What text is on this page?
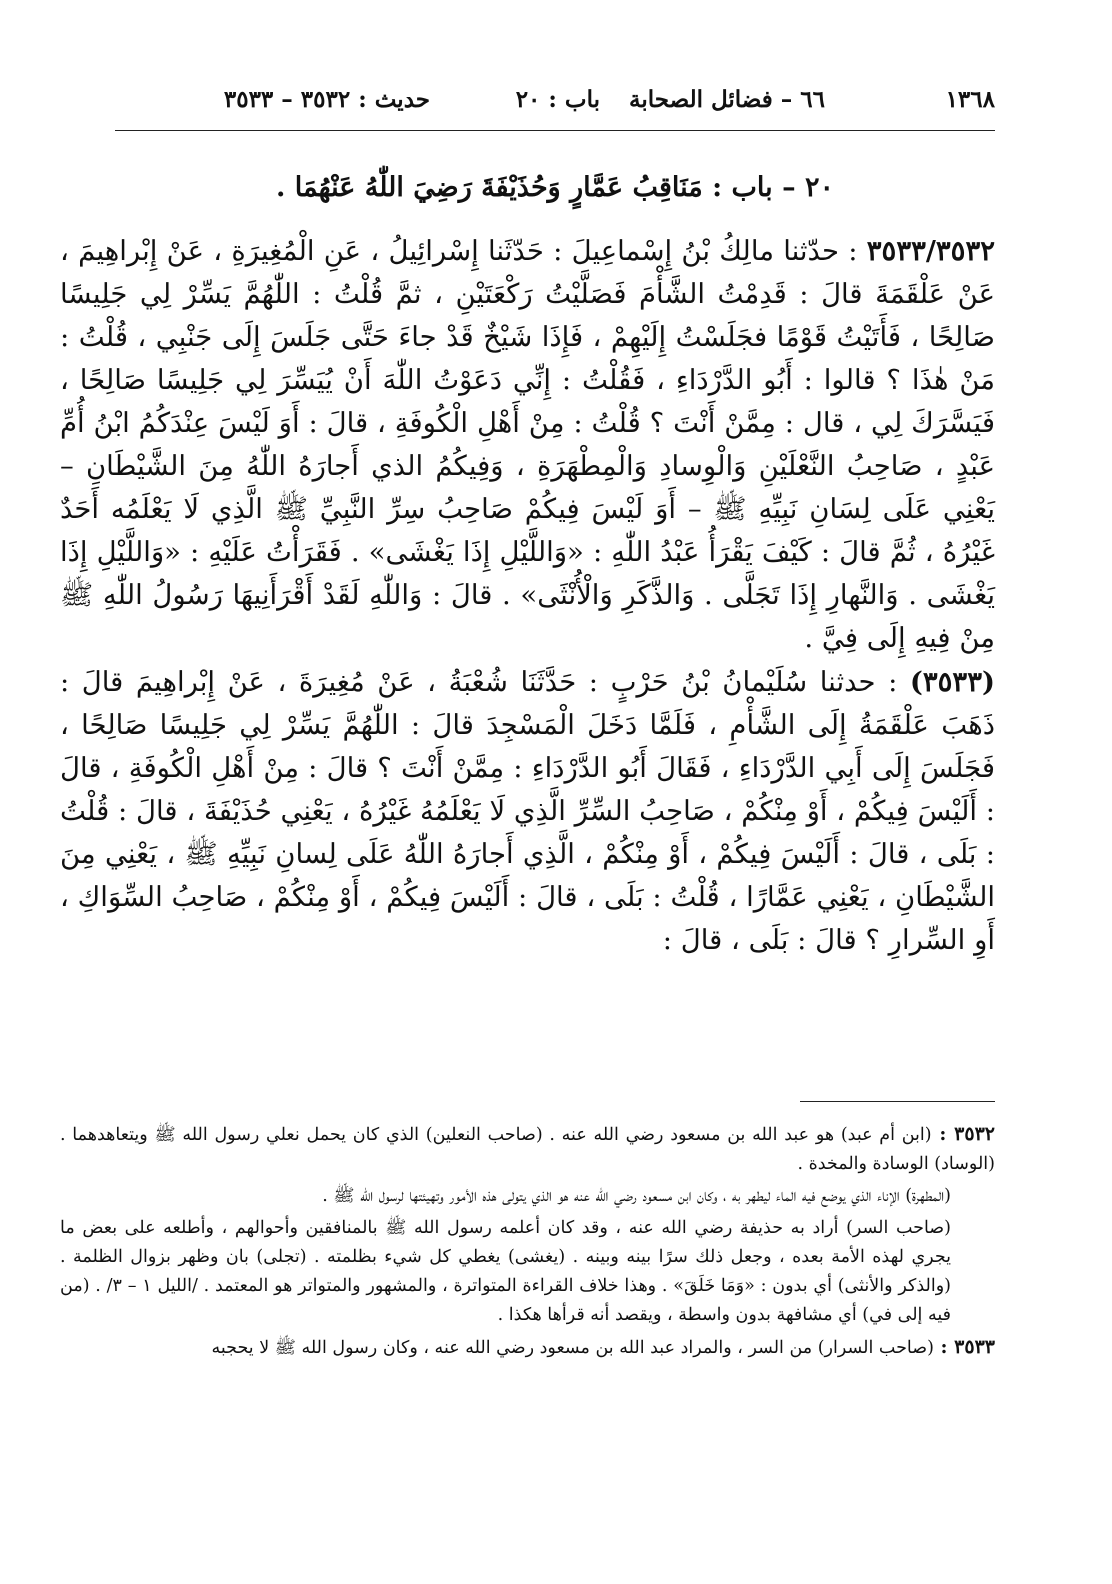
١٣٦٨
٦٦ – فضائل الصحابة
باب : ٢٠
حديث : ٣٥٣٢ – ٣٥٣٣
٢٠ – باب : مَنَاقِبُ عَمَّارٍ وَحُذَيْفَةَ رَضِيَ اللّٰهُ عَنْهُمَا .

٣٥٣٣/٣٥٣٢ : حدّثنا مالِكُ بْنُ إِسْماعِيلَ : حَدّثَنا إِسْرائِيلُ ، عَنِ الْمُغِيرَةِ ، عَنْ إِبْراهِيمَ ، عَنْ عَلْقَمَةَ قالَ : قَدِمْتُ الشَّأْمَ فَصَلَّيْتُ رَكْعَتَيْنِ ، ثمَّ قُلْتُ : اللّٰهُمَّ يَسِّرْ لِي جَلِيسًا صَالِحًا ، فَأَتَيْتُ قَوْمًا فجَلَسْتُ إِلَيْهِمْ ، فَإِذَا شَيْخٌ قَدْ جاءَ حَتَّى جَلَسَ إِلَى جَنْبِي ، قُلْتُ : مَنْ هٰذَا ؟ قالوا : أَبُو الدَّرْدَاءِ ، فَقُلْتُ : إِنِّي دَعَوْتُ اللّٰهَ أَنْ يُيَسِّرَ لِي جَلِيسًا صَالِحًا ، فَيَسَّرَكَ لِي ، قال : مِمَّنْ أَنْتَ ؟ قُلْتُ : مِنْ أَهْلِ الْكُوفَةِ ، قالَ : أَوَ لَيْسَ عِنْدَكُمُ ابْنُ أُمِّ عَبْدٍ ، صَاحِبُ النَّعْلَيْنِ وَالْوِسادِ وَالْمِطْهَرَةِ ، وَفِيكُمُ الذي أَجارَهُ اللّٰهُ مِنَ الشَّيْطَانِ – يَعْنِي عَلَى لِسَانِ نَبِيِّهِ ﷺ – أَوَ لَيْسَ فِيكُمْ صَاحِبُ سِرِّ النَّبِيِّ ﷺ الَّذِي لَا يَعْلَمُه أَحَدٌ غَيْرُهُ ، ثُمَّ قالَ : كَيْفَ يَقْرَأُ عَبْدُ اللّٰهِ : «وَاللَّيْلِ إِذَا يَغْشَى» . فَقَرَأْتُ عَلَيْهِ : «وَاللَّيْلِ إِذَا يَغْشَى . وَالنَّهارِ إِذَا تَجَلَّى . وَالذَّكَرِ وَالْأُنْثَى» . قالَ : وَاللّٰهِ لَقَدْ أَقْرَأَنِيهَا رَسُولُ اللّٰهِ ﷺ مِنْ فِيهِ إِلَى فِيَّ .

(٣٥٣٣) : حدثنا سُلَيْمانُ بْنُ حَرْبٍ : حَدَّثَنَا شُعْبَةُ ، عَنْ مُغِيرَةَ ، عَنْ إِبْراهِيمَ قالَ : ذَهَبَ عَلْقَمَةُ إِلَى الشَّأْمِ ، فَلَمَّا دَخَلَ الْمَسْجِدَ قالَ : اللّٰهُمَّ يَسِّرْ لِي جَلِيسًا صَالِحًا ، فَجَلَسَ إِلَى أَبِي الدَّرْدَاءِ ، فَقَالَ أَبُو الدَّرْدَاءِ : مِمَّنْ أَنْتَ ؟ قالَ : مِنْ أَهْلِ الْكُوفَةِ ، قالَ : أَلَيْسَ فِيكُمْ ، أَوْ مِنْكُمْ ، صَاحِبُ السِّرِّ الَّذِي لَا يَعْلَمُهُ غَيْرُهُ ، يَعْنِي حُذَيْفَةَ ، قالَ : قُلْتُ : بَلَى ، قالَ : أَلَيْسَ فِيكُمْ ، أَوْ مِنْكُمْ ، الَّذِي أَجارَهُ اللّٰهُ عَلَى لِسانِ نَبِيِّهِ ﷺ ، يَعْنِي مِنَ الشَّيْطَانِ ، يَعْنِي عَمَّارًا ، قُلْتُ : بَلَى ، قالَ : أَلَيْسَ فِيكُمْ ، أَوْ مِنْكُمْ ، صَاحِبُ السِّوَاكِ ، أَوِ السِّرارِ ؟ قالَ : بَلَى ، قالَ :

٣٥٣٢ : (ابن أم عبد) هو عبد الله بن مسعود رضي الله عنه . (صاحب النعلين) الذي كان يحمل نعلي رسول الله ﷺ ويتعاهدهما . (الوساد) الوسادة والمخدة .

(المطهرة) الإناء الذي يوضع فيه الماء ليطهر به ، وكان ابن مسعود رضي الله عنه هو الذي يتولى هذه الأمور وتهيئتها لرسول الله ﷺ .

(صاحب السر) أراد به حذيفة رضي الله عنه ، وقد كان أعلمه رسول الله ﷺ بالمنافقين وأحوالهم ، وأطلعه على بعض ما يجري لهذه الأمة بعده ، وجعل ذلك سرًا بينه وبينه . (يغشى) يغطي كل شيء بظلمته . (تجلى) بان وظهر بزوال الظلمة . (والذكر والأنثى) أي بدون : «وَمَا خَلَقَ» . وهذا خلاف القراءة المتواترة ، والمشهور والمتواتر هو المعتمد . /الليل ١ – ٣/ . (من فيه إلى في) أي مشافهة بدون واسطة ، ويقصد أنه قرأها هكذا .

٣٥٣٣ : (صاحب السرار) من السر ، والمراد عبد الله بن مسعود رضي الله عنه ، وكان رسول الله ﷺ لا يحجبه
